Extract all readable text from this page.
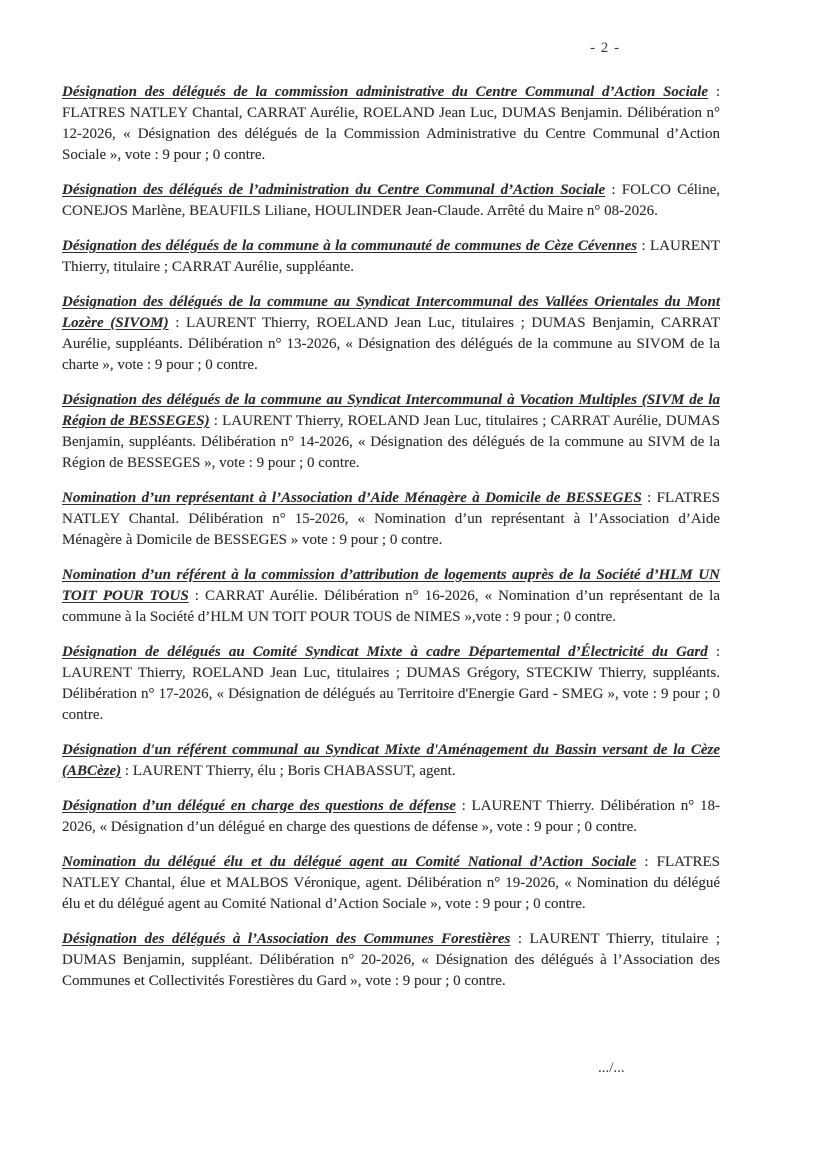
- 2 -

Désignation des délégués de la commission administrative du Centre Communal d’Action Sociale : FLATRES NATLEY Chantal, CARRAT Aurélie, ROELAND Jean Luc, DUMAS Benjamin. Délibération n° 12-2026, « Désignation des délégués de la Commission Administrative du Centre Communal d’Action Sociale », vote : 9 pour ; 0 contre.

Désignation des délégués de l’administration du Centre Communal d’Action Sociale : FOLCO Céline, CONEJOS Marlène, BEAUFILS Liliane, HOULINDER Jean-Claude. Arrêté du Maire n° 08-2026.

Désignation des délégués de la commune à la communauté de communes de Cèze Cévennes : LAURENT Thierry, titulaire ; CARRAT Aurélie, suppléante.

Désignation des délégués de la commune au Syndicat Intercommunal des Vallées Orientales du Mont Lozère (SIVOM) : LAURENT Thierry, ROELAND Jean Luc, titulaires ; DUMAS Benjamin, CARRAT Aurélie, suppléants. Délibération n° 13-2026, « Désignation des délégués de la commune au SIVOM de la charte », vote : 9 pour ; 0 contre.

Désignation des délégués de la commune au Syndicat Intercommunal à Vocation Multiples (SIVM de la Région de BESSEGES) : LAURENT Thierry, ROELAND Jean Luc, titulaires ; CARRAT Aurélie, DUMAS Benjamin, suppléants. Délibération n° 14-2026, « Désignation des délégués de la commune au SIVM de la Région de BESSEGES », vote : 9 pour ; 0 contre.

Nomination d’un représentant à l’Association d’Aide Ménagère à Domicile de BESSEGES : FLATRES NATLEY Chantal. Délibération n° 15-2026, « Nomination d’un représentant à l’Association d’Aide Ménagère à Domicile de BESSEGES » vote : 9 pour ; 0 contre.

Nomination d’un référent à la commission d’attribution de logements auprès de la Société d’HLM UN TOIT POUR TOUS : CARRAT Aurélie. Délibération n° 16-2026, « Nomination d’un représentant de la commune à la Société d’HLM UN TOIT POUR TOUS de NIMES »,vote : 9 pour ; 0 contre.

Désignation de délégués au Comité Syndicat Mixte à cadre Départemental d’Électricité du Gard : LAURENT Thierry, ROELAND Jean Luc, titulaires ; DUMAS Grégory, STECKIW Thierry, suppléants. Délibération n° 17-2026, « Désignation de délégués au Territoire d'Energie Gard - SMEG », vote : 9 pour ; 0 contre.

Désignation d'un référent communal au Syndicat Mixte d'Aménagement du Bassin versant de la Cèze (ABCèze) : LAURENT Thierry, élu ; Boris CHABASSUT, agent.

Désignation d’un délégué en charge des questions de défense : LAURENT Thierry. Délibération n° 18-2026, « Désignation d’un délégué en charge des questions de défense », vote : 9 pour ; 0 contre.

Nomination du délégué élu et du délégué agent au Comité National d’Action Sociale : FLATRES NATLEY Chantal, élue et MALBOS Véronique, agent. Délibération n° 19-2026, « Nomination du délégué élu et du délégué agent au Comité National d’Action Sociale », vote : 9 pour ; 0 contre.

Désignation des délégués à l’Association des Communes Forestières : LAURENT Thierry, titulaire ; DUMAS Benjamin, suppléant. Délibération n° 20-2026, « Désignation des délégués à l’Association des Communes et Collectivités Forestières du Gard », vote : 9 pour ; 0 contre.

.../...
